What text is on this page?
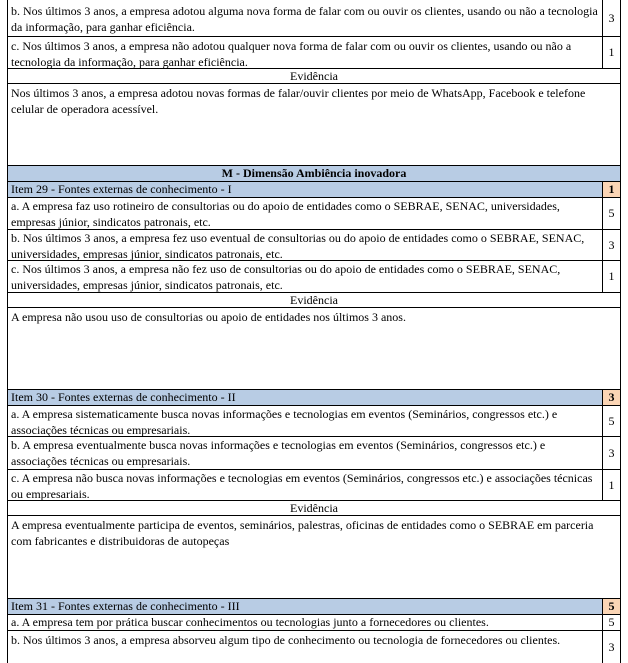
b. Nos últimos 3 anos, a empresa adotou alguma nova forma de falar com ou ouvir os clientes, usando ou não a tecnologia da informação, para ganhar eficiência.
3
c. Nos últimos 3 anos, a empresa não adotou qualquer nova forma de falar com ou ouvir os clientes, usando ou não a tecnologia da informação, para ganhar eficiência.
1
Evidência
Nos últimos 3 anos, a empresa adotou novas formas de falar/ouvir clientes por meio de WhatsApp, Facebook e telefone celular de operadora acessível.
M - Dimensão Ambiência inovadora
Item 29 - Fontes externas de conhecimento - I	1
a. A empresa faz uso rotineiro de consultorias ou do apoio de entidades como o SEBRAE, SENAC, universidades, empresas júnior, sindicatos patronais, etc.
5
b. Nos últimos 3 anos, a empresa fez uso eventual de consultorias ou do apoio de entidades como o SEBRAE, SENAC, universidades, empresas júnior, sindicatos patronais, etc.
3
c. Nos últimos 3 anos, a empresa não fez uso de consultorias ou do apoio de entidades como o SEBRAE, SENAC, universidades, empresas júnior, sindicatos patronais, etc.
1
Evidência
A empresa não usou uso de consultorias ou apoio de entidades nos últimos 3 anos.
Item 30 - Fontes externas de conhecimento - II	3
a. A empresa sistematicamente busca novas informações e tecnologias em eventos (Seminários, congressos etc.) e associações técnicas ou empresariais.
5
b. A empresa eventualmente busca novas informações e tecnologias em eventos (Seminários, congressos etc.) e associações técnicas ou empresariais.
3
c. A empresa não busca novas informações e tecnologias em eventos (Seminários, congressos etc.) e associações técnicas ou empresariais.
1
Evidência
A empresa eventualmente participa de eventos, seminários, palestras, oficinas de entidades como o SEBRAE em parceria com fabricantes e distribuidoras de autopeças
Item 31 - Fontes externas de conhecimento - III	5
a. A empresa tem por prática buscar conhecimentos ou tecnologias junto a fornecedores ou clientes.	5
b. Nos últimos 3 anos, a empresa absorveu algum tipo de conhecimento ou tecnologia de fornecedores ou clientes.	3
